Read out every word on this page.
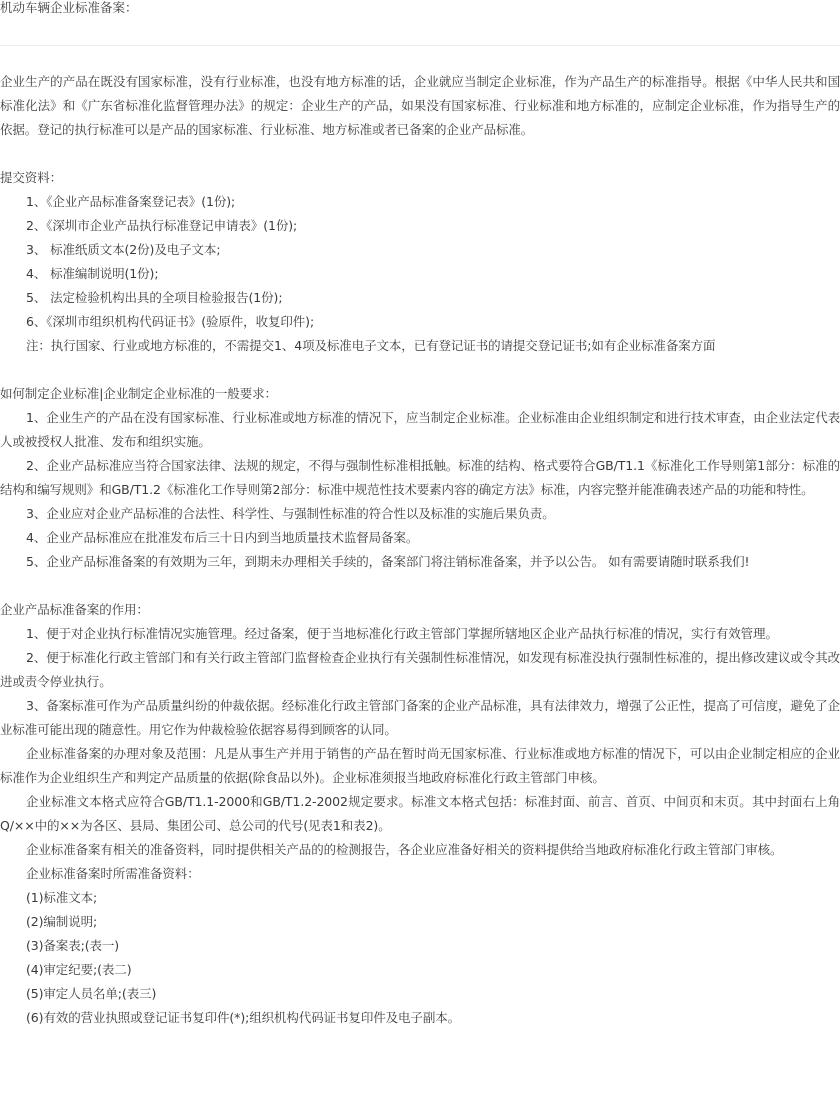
机动车辆企业标准备案：

企业生产的产品在既没有国家标准，没有行业标准，也没有地方标准的话，企业就应当制定企业标准，作为产品生产的标准指导。根据《中华人民共和国标准化法》和《广东省标准化监督管理办法》的规定：企业生产的产品，如果没有国家标准、行业标准和地方标准的，应制定企业标准，作为指导生产的依据。登记的执行标准可以是产品的国家标准、行业标准、地方标准或者已备案的企业产品标准。

提交资料：

1、《企业产品标准备案登记表》(1份);

2、《深圳市企业产品执行标准登记申请表》(1份);

3、 标准纸质文本(2份)及电子文本;

4、 标准编制说明(1份);

5、 法定检验机构出具的全项目检验报告(1份);

6、《深圳市组织机构代码证书》(验原件，收复印件);

注：执行国家、行业或地方标准的，不需提交1、4项及标准电子文本，已有登记证书的请提交登记证书;如有企业标准备案方面

如何制定企业标准|企业制定企业标准的一般要求：

1、企业生产的产品在没有国家标准、行业标准或地方标准的情况下，应当制定企业标准。企业标准由企业组织制定和进行技术审查，由企业法定代表人或被授权人批准、发布和组织实施。

2、企业产品标准应当符合国家法律、法规的规定，不得与强制性标准相抵触。标准的结构、格式要符合GB/T1.1《标准化工作导则第1部分：标准的结构和编写规则》和GB/T1.2《标准化工作导则第2部分：标准中规范性技术要素内容的确定方法》标准，内容完整并能准确表述产品的功能和特性。

3、企业应对企业产品标准的合法性、科学性、与强制性标准的符合性以及标准的实施后果负责。

4、企业产品标准应在批准发布后三十日内到当地质量技术监督局备案。

5、企业产品标准备案的有效期为三年，到期未办理相关手续的，备案部门将注销标准备案，并予以公告。 如有需要请随时联系我们!

企业产品标准备案的作用：

1、便于对企业执行标准情况实施管理。经过备案，便于当地标准化行政主管部门掌握所辖地区企业产品执行标准的情况，实行有效管理。

2、便于标准化行政主管部门和有关行政主管部门监督检查企业执行有关强制性标准情况，如发现有标准没执行强制性标准的，提出修改建议或令其改进或责令停业执行。

3、备案标准可作为产品质量纠纷的仲裁依据。经标准化行政主管部门备案的企业产品标准，具有法律效力，增强了公正性，提高了可信度，避免了企业标准可能出现的随意性。用它作为仲裁检验依据容易得到顾客的认同。

企业标准备案的办理对象及范围：凡是从事生产并用于销售的产品在暂时尚无国家标准、行业标准或地方标准的情况下，可以由企业制定相应的企业标准作为企业组织生产和判定产品质量的依据(除食品以外)。企业标准须报当地政府标准化行政主管部门申核。

企业标准文本格式应符合GB/T1.1-2000和GB/T1.2-2002规定要求。标准文本格式包括：标准封面、前言、首页、中间页和末页。其中封面右上角Q/××中的××为各区、县局、集团公司、总公司的代号(见表1和表2)。

企业标准备案有相关的准备资料，同时提供相关产品的的检测报告，各企业应准备好相关的资料提供给当地政府标准化行政主管部门审核。

企业标准备案时所需准备资料：

(1)标准文本;

(2)编制说明;

(3)备案表;(表一)

(4)审定纪要;(表二)

(5)审定人员名单;(表三)

(6)有效的营业执照或登记证书复印件(*);组织机构代码证书复印件及电子副本。
